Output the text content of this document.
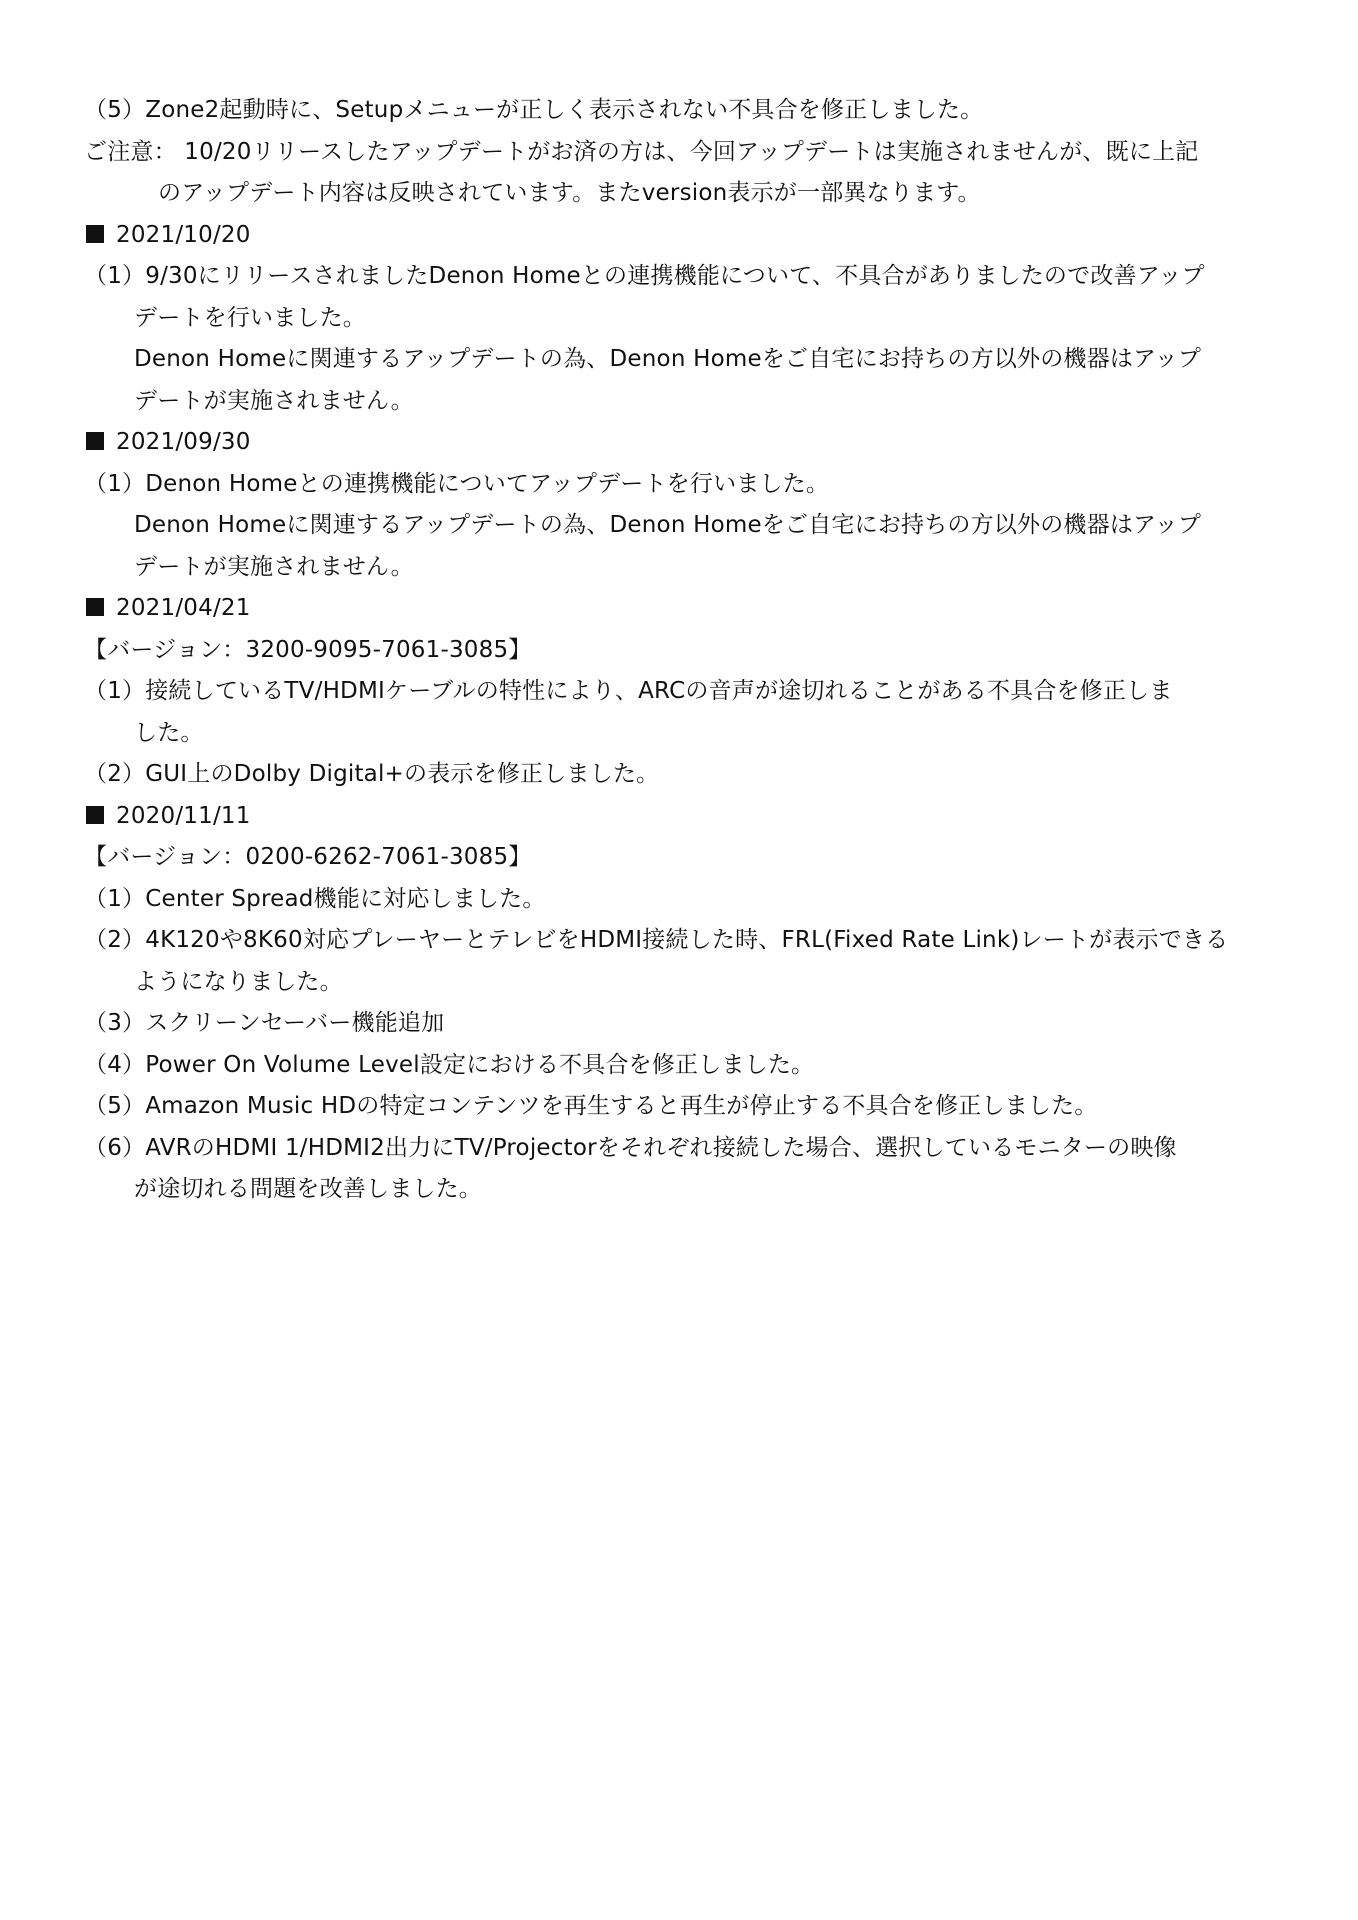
（5）Zone2起動時に、Setupメニューが正しく表示されない不具合を修正しました。
ご注意： 10/20リリースしたアップデートがお済の方は、今回アップデートは実施されませんが、既に上記
のアップデート内容は反映されています。またversion表示が一部異なります。
2021/10/20
（1）9/30にリリースされましたDenon Homeとの連携機能について、不具合がありましたので改善アップ
デートを行いました。
Denon Homeに関連するアップデートの為、Denon Homeをご自宅にお持ちの方以外の機器はアップ
デートが実施されません。
2021/09/30
（1）Denon Homeとの連携機能についてアップデートを行いました。
Denon Homeに関連するアップデートの為、Denon Homeをご自宅にお持ちの方以外の機器はアップ
デートが実施されません。
2021/04/21
【バージョン：3200-9095-7061-3085】
（1）接続しているTV/HDMIケーブルの特性により、ARCの音声が途切れることがある不具合を修正しま
した。
（2）GUI上のDolby Digital+の表示を修正しました。
2020/11/11
【バージョン：0200-6262-7061-3085】
（1）Center Spread機能に対応しました。
（2）4K120や8K60対応プレーヤーとテレビをHDMI接続した時、FRL(Fixed Rate Link)レートが表示できる
ようになりました。
（3）スクリーンセーバー機能追加
（4）Power On Volume Level設定における不具合を修正しました。
（5）Amazon Music HDの特定コンテンツを再生すると再生が停止する不具合を修正しました。
（6）AVRのHDMI 1/HDMI2出力にTV/Projectorをそれぞれ接続した場合、選択しているモニターの映像
が途切れる問題を改善しました。
